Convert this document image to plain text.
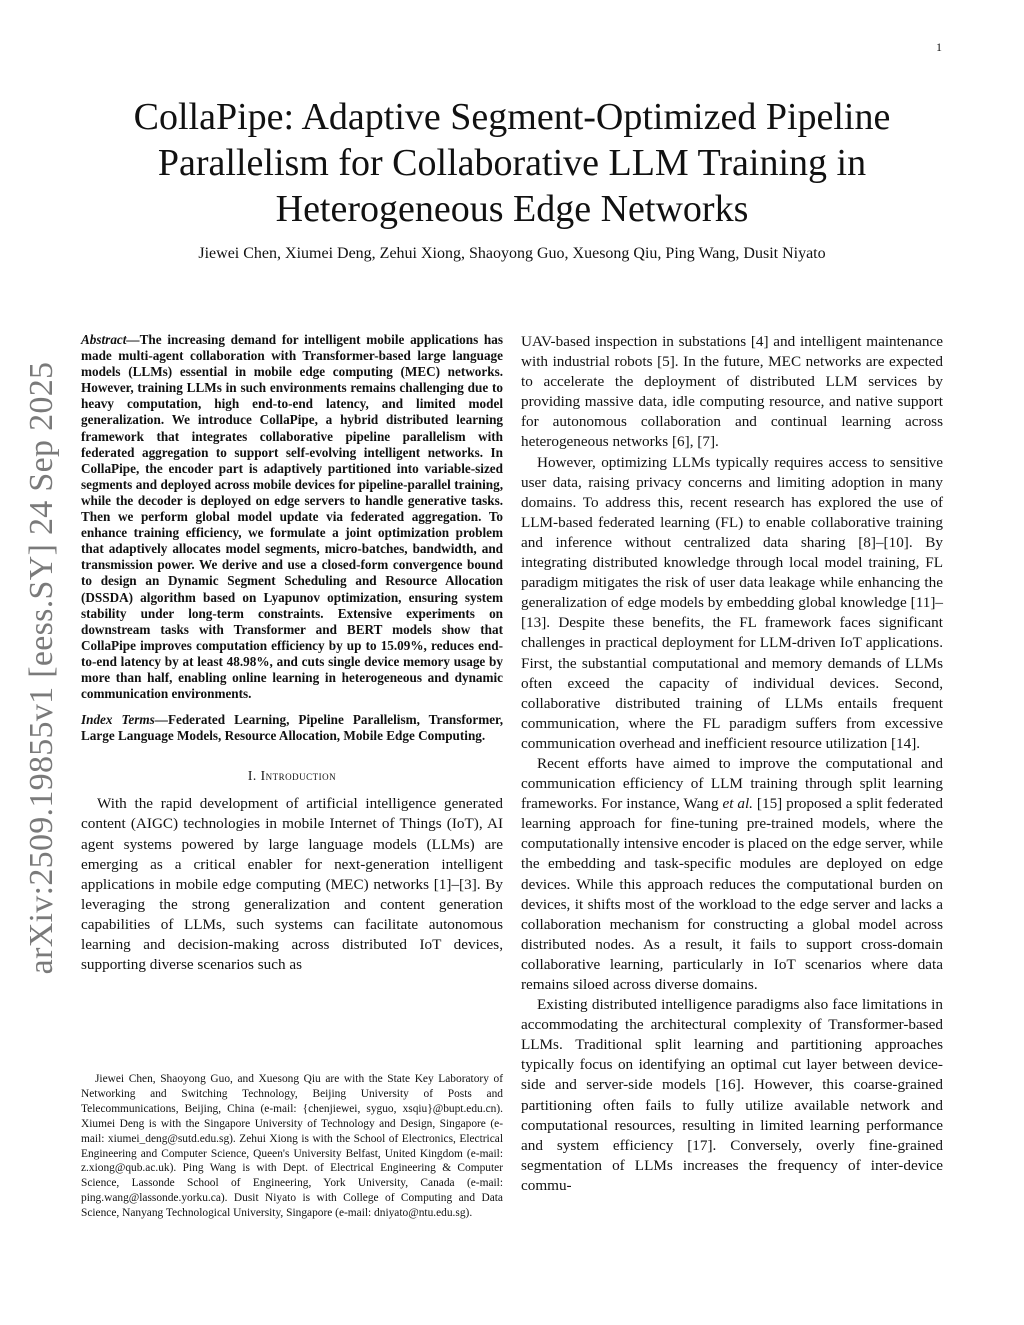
1
arXiv:2509.19855v1 [eess.SY] 24 Sep 2025
CollaPipe: Adaptive Segment-Optimized Pipeline Parallelism for Collaborative LLM Training in Heterogeneous Edge Networks
Jiewei Chen, Xiumei Deng, Zehui Xiong, Shaoyong Guo, Xuesong Qiu, Ping Wang, Dusit Niyato

Abstract—The increasing demand for intelligent mobile applications has made multi-agent collaboration with Transformer-based large language models (LLMs) essential in mobile edge computing (MEC) networks. However, training LLMs in such environments remains challenging due to heavy computation, high end-to-end latency, and limited model generalization. We introduce CollaPipe, a hybrid distributed learning framework that integrates collaborative pipeline parallelism with federated aggregation to support self-evolving intelligent networks. In CollaPipe, the encoder part is adaptively partitioned into variable-sized segments and deployed across mobile devices for pipeline-parallel training, while the decoder is deployed on edge servers to handle generative tasks. Then we perform global model update via federated aggregation. To enhance training efficiency, we formulate a joint optimization problem that adaptively allocates model segments, micro-batches, bandwidth, and transmission power. We derive and use a closed-form convergence bound to design an Dynamic Segment Scheduling and Resource Allocation (DSSDA) algorithm based on Lyapunov optimization, ensuring system stability under long-term constraints. Extensive experiments on downstream tasks with Transformer and BERT models show that CollaPipe improves computation efficiency by up to 15.09%, reduces end-to-end latency by at least 48.98%, and cuts single device memory usage by more than half, enabling online learning in heterogeneous and dynamic communication environments.

Index Terms—Federated Learning, Pipeline Parallelism, Transformer, Large Language Models, Resource Allocation, Mobile Edge Computing.

I. Introduction

With the rapid development of artificial intelligence generated content (AIGC) technologies in mobile Internet of Things (IoT), AI agent systems powered by large language models (LLMs) are emerging as a critical enabler for next-generation intelligent applications in mobile edge computing (MEC) networks [1]–[3]. By leveraging the strong generalization and content generation capabilities of LLMs, such systems can facilitate autonomous learning and decision-making across distributed IoT devices, supporting diverse scenarios such as

Jiewei Chen, Shaoyong Guo, and Xuesong Qiu are with the State Key Laboratory of Networking and Switching Technology, Beijing University of Posts and Telecommunications, Beijing, China (e-mail: {chenjiewei, syguo, xsqiu}@bupt.edu.cn). Xiumei Deng is with the Singapore University of Technology and Design, Singapore (e-mail: xiumei_deng@sutd.edu.sg). Zehui Xiong is with the School of Electronics, Electrical Engineering and Computer Science, Queen's University Belfast, United Kingdom (e-mail: z.xiong@qub.ac.uk). Ping Wang is with Dept. of Electrical Engineering & Computer Science, Lassonde School of Engineering, York University, Canada (e-mail: ping.wang@lassonde.yorku.ca). Dusit Niyato is with College of Computing and Data Science, Nanyang Technological University, Singapore (e-mail: dniyato@ntu.edu.sg).

UAV-based inspection in substations [4] and intelligent maintenance with industrial robots [5]. In the future, MEC networks are expected to accelerate the deployment of distributed LLM services by providing massive data, idle computing resource, and native support for autonomous collaboration and continual learning across heterogeneous networks [6], [7].

However, optimizing LLMs typically requires access to sensitive user data, raising privacy concerns and limiting adoption in many domains. To address this, recent research has explored the use of LLM-based federated learning (FL) to enable collaborative training and inference without centralized data sharing [8]–[10]. By integrating distributed knowledge through local model training, FL paradigm mitigates the risk of user data leakage while enhancing the generalization of edge models by embedding global knowledge [11]–[13]. Despite these benefits, the FL framework faces significant challenges in practical deployment for LLM-driven IoT applications. First, the substantial computational and memory demands of LLMs often exceed the capacity of individual devices. Second, collaborative distributed training of LLMs entails frequent communication, where the FL paradigm suffers from excessive communication overhead and inefficient resource utilization [14].

Recent efforts have aimed to improve the computational and communication efficiency of LLM training through split learning frameworks. For instance, Wang et al. [15] proposed a split federated learning approach for fine-tuning pre-trained models, where the computationally intensive encoder is placed on the edge server, while the embedding and task-specific modules are deployed on edge devices. While this approach reduces the computational burden on devices, it shifts most of the workload to the edge server and lacks a collaboration mechanism for constructing a global model across distributed nodes. As a result, it fails to support cross-domain collaborative learning, particularly in IoT scenarios where data remains siloed across diverse domains.

Existing distributed intelligence paradigms also face limitations in accommodating the architectural complexity of Transformer-based LLMs. Traditional split learning and partitioning approaches typically focus on identifying an optimal cut layer between device-side and server-side models [16]. However, this coarse-grained partitioning often fails to fully utilize available network and computational resources, resulting in limited learning performance and system efficiency [17]. Conversely, overly fine-grained segmentation of LLMs increases the frequency of inter-device commu-
